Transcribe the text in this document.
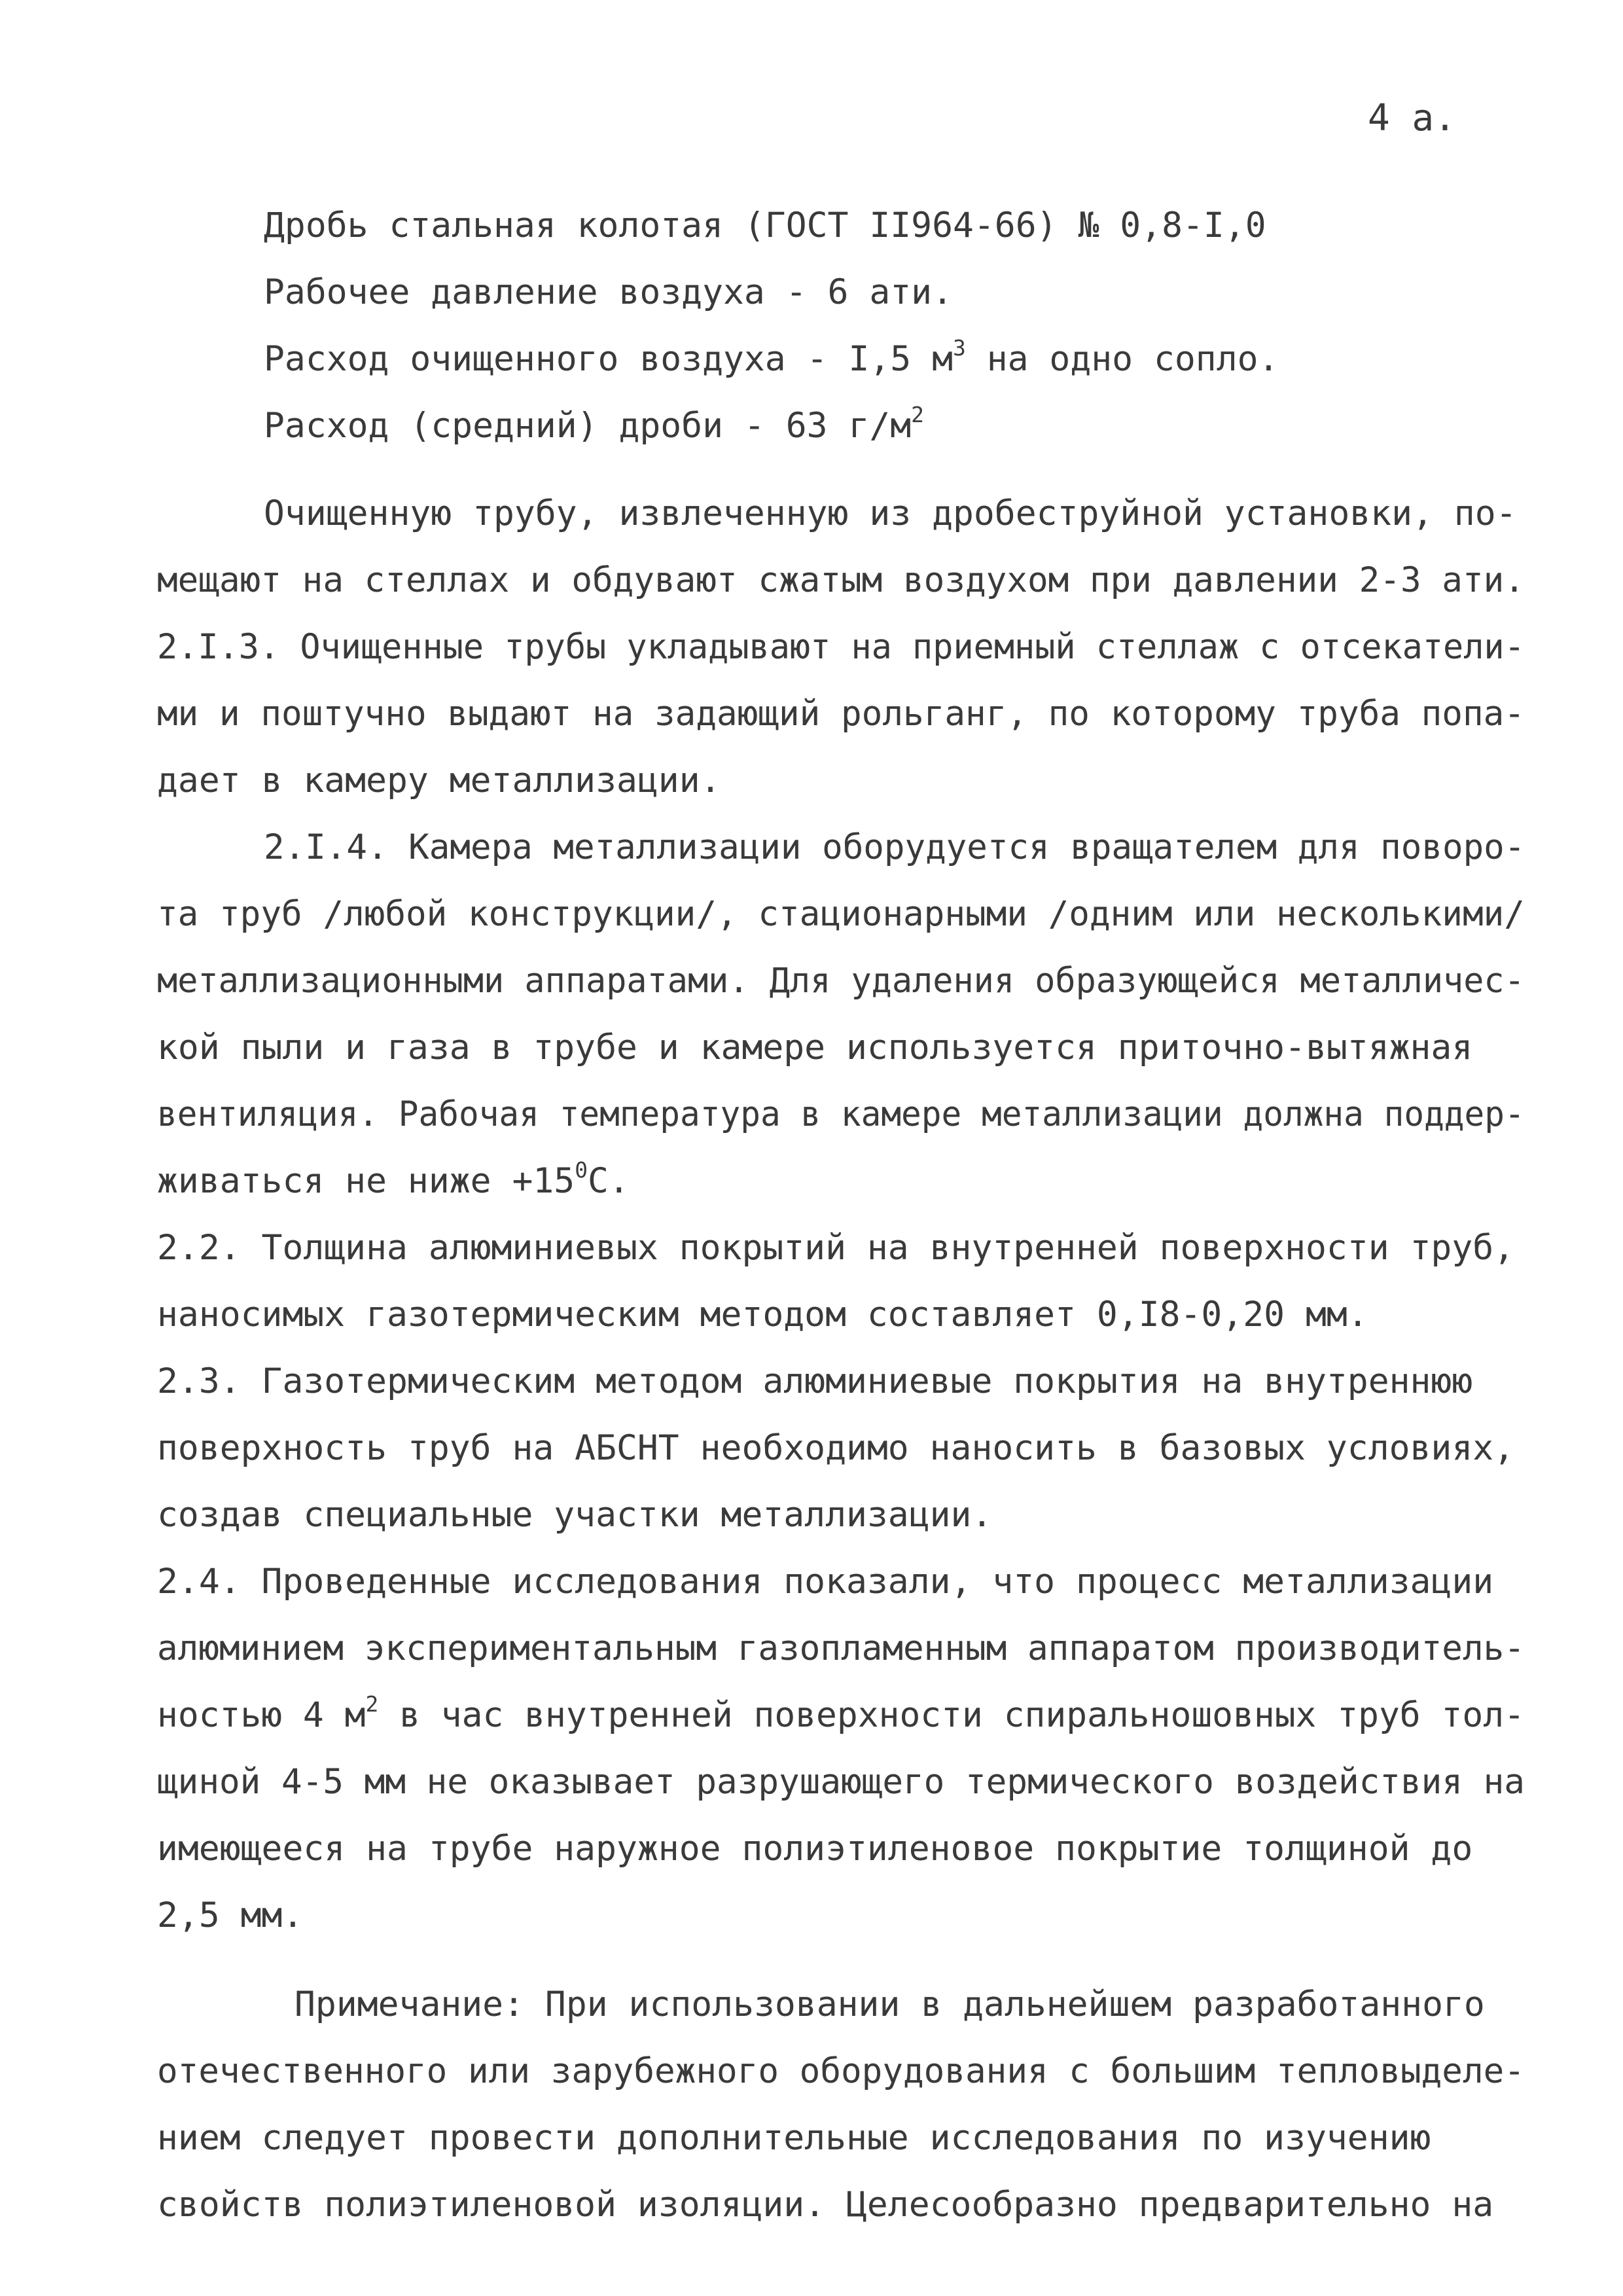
4 а.
Дробь стальная колотая (ГОСТ II964-66) № 0,8-I,0
Рабочее давление воздуха - 6 ати.
Расход очищенного воздуха - I,5 $м^3$ на одно сопло.
Расход (средний) дроби - 63 $г/м^2$
Очищенную трубу, извлеченную из дробеструйной установки, по-
мещают на стеллах и обдувают сжатым воздухом при давлении 2-3 ати.
2.I.3. Очищенные трубы укладывают на приемный стеллаж с отсекатели-
ми и поштучно выдают на задающий рольганг, по которому труба попа-
дает в камеру металлизации.
2.I.4. Камера металлизации оборудуется вращателем для поворо-
та труб /любой конструкции/, стационарными /одним или несколькими/
металлизационными аппаратами. Для удаления образующейся металличес-
кой пыли и газа в трубе и камере используется приточно-вытяжная
вентиляция. Рабочая температура в камере металлизации должна поддер-
живаться не ниже $+15^0С$.
2.2. Толщина алюминиевых покрытий на внутренней поверхности труб,
наносимых газотермическим методом составляет 0,I8-0,20 мм.
2.3. Газотермическим методом алюминиевые покрытия на внутреннюю
поверхность труб на АБСНТ необходимо наносить в базовых условиях,
создав специальные участки металлизации.
2.4. Проведенные исследования показали, что процесс металлизации
алюминием экспериментальным газопламенным аппаратом производитель-
ностью 4 $м^2$ в час внутренней поверхности спиральношовных труб тол-
щиной 4-5 мм не оказывает разрушающего термического воздействия на
имеющееся на трубе наружное полиэтиленовое покрытие толщиной до
2,5 мм.
Примечание: При использовании в дальнейшем разработанного
отечественного или зарубежного оборудования с большим тепловыделе-
нием следует провести дополнительные исследования по изучению
свойств полиэтиленовой изоляции. Целесообразно предварительно на
